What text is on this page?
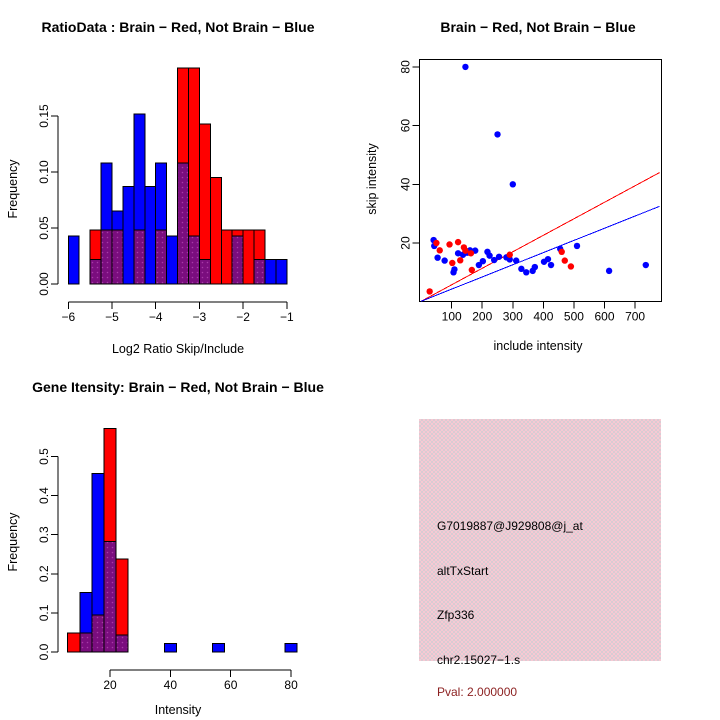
RatioData : Brain − Red, Not Brain − Blue
Frequency
0.00
0.05
0.10
0.15
−6	−5	−4	−3	−2	−1
Log2 Ratio Skip/Include
Brain − Red, Not Brain − Blue
skip intensity
100 200 300 400 500 600 700
20
40
60
80
include intensity
Gene Itensity: Brain − Red, Not Brain − Blue
Frequency
0.0
0.1
0.2
0.3
0.4
0.5
20	40	60	80
Intensity
G7019887@J929808@j_at
altTxStart
Zfp336
chr2.15027−1.s
Pval: 2.000000
